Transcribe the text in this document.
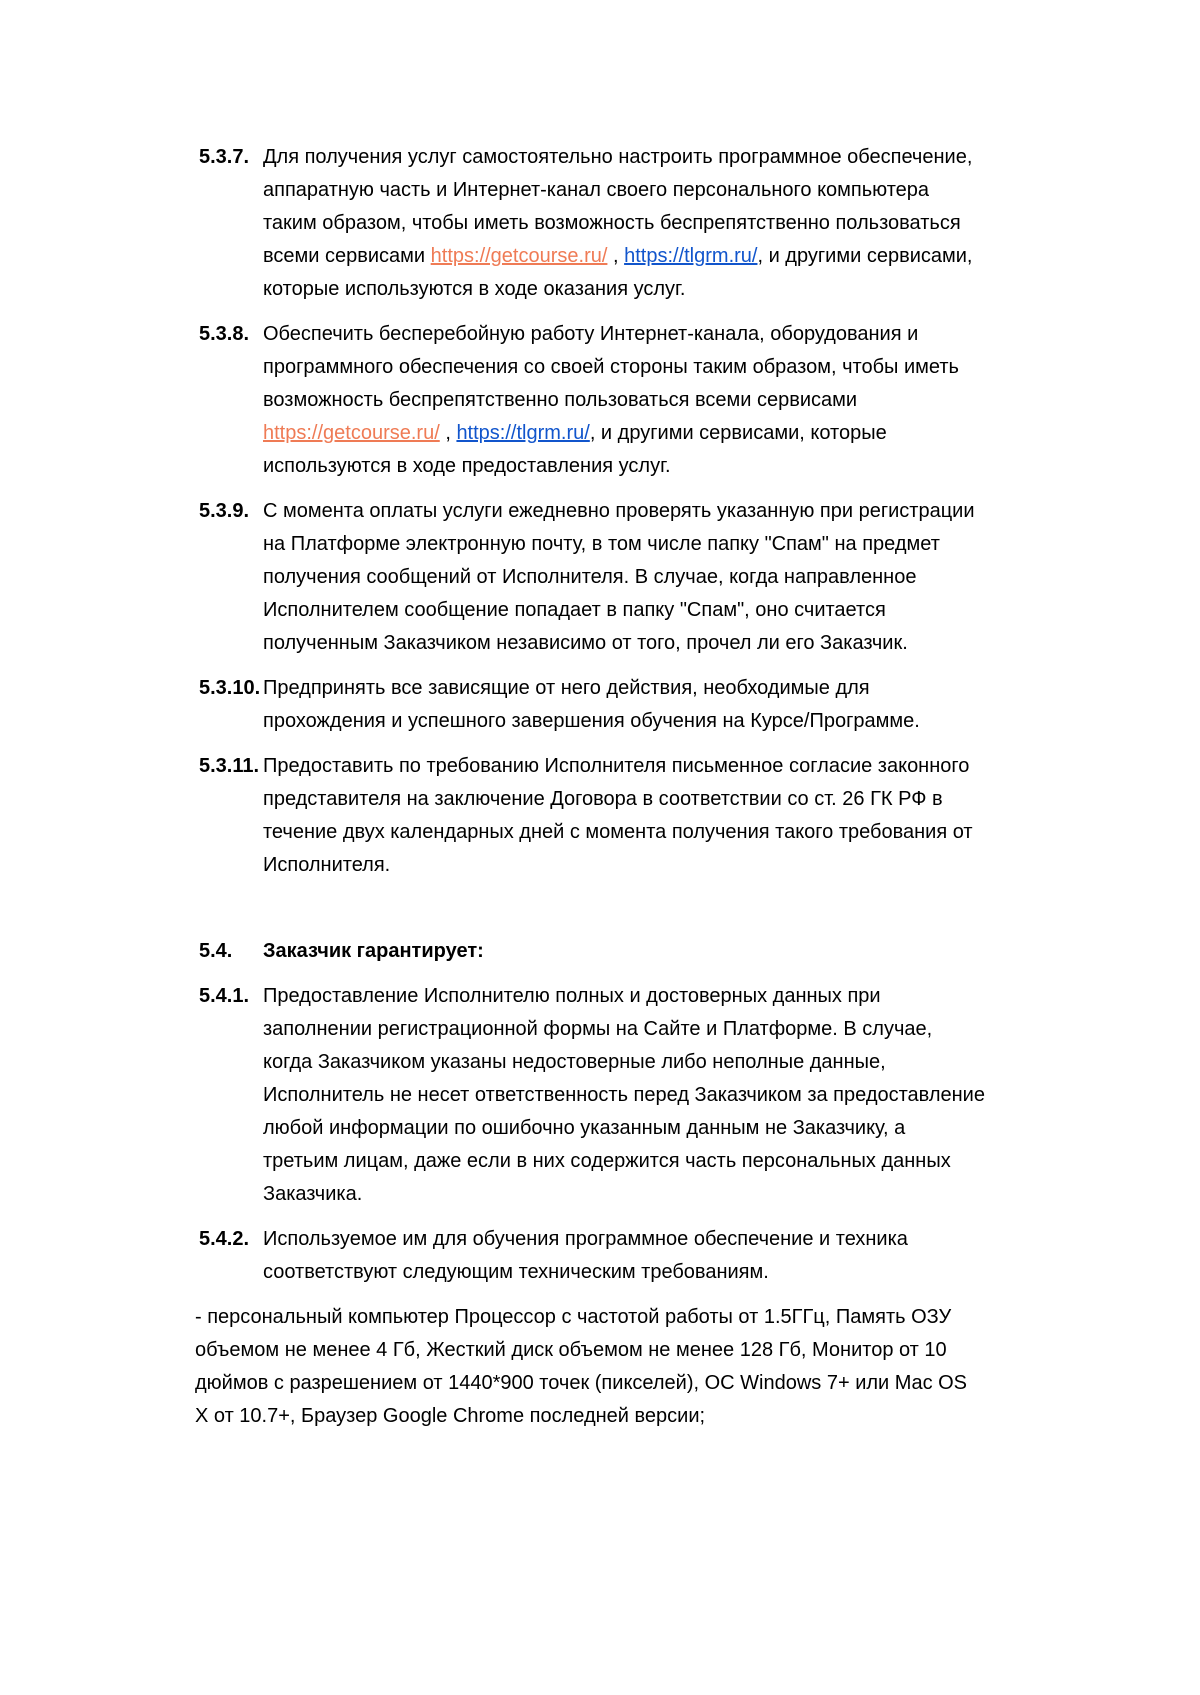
5.3.7. Для получения услуг самостоятельно настроить программное обеспечение, аппаратную часть и Интернет-канал своего персонального компьютера таким образом, чтобы иметь возможность беспрепятственно пользоваться всеми сервисами https://getcourse.ru/ , https://tlgrm.ru/, и другими сервисами, которые используются в ходе оказания услуг.

5.3.8. Обеспечить бесперебойную работу Интернет-канала, оборудования и программного обеспечения со своей стороны таким образом, чтобы иметь возможность беспрепятственно пользоваться всеми сервисами https://getcourse.ru/ , https://tlgrm.ru/, и другими сервисами, которые используются в ходе предоставления услуг.

5.3.9. С момента оплаты услуги ежедневно проверять указанную при регистрации на Платформе электронную почту, в том числе папку "Спам" на предмет получения сообщений от Исполнителя. В случае, когда направленное Исполнителем сообщение попадает в папку "Спам", оно считается полученным Заказчиком независимо от того, прочел ли его Заказчик.

5.3.10. Предпринять все зависящие от него действия, необходимые для прохождения и успешного завершения обучения на Курсе/Программе.

5.3.11. Предоставить по требованию Исполнителя письменное согласие законного представителя на заключение Договора в соответствии со ст. 26 ГК РФ в течение двух календарных дней с момента получения такого требования от Исполнителя.

5.4. Заказчик гарантирует:

5.4.1. Предоставление Исполнителю полных и достоверных данных при заполнении регистрационной формы на Сайте и Платформе. В случае, когда Заказчиком указаны недостоверные либо неполные данные, Исполнитель не несет ответственность перед Заказчиком за предоставление любой информации по ошибочно указанным данным не Заказчику, а третьим лицам, даже если в них содержится часть персональных данных Заказчика.

5.4.2. Используемое им для обучения программное обеспечение и техника соответствуют следующим техническим требованиям.

- персональный компьютер Процессор с частотой работы от 1.5ГГц, Память ОЗУ объемом не менее 4 Гб, Жесткий диск объемом не менее 128 Гб, Монитор от 10 дюймов с разрешением от 1440*900 точек (пикселей), ОС Windows 7+ или Mac OS X от 10.7+, Браузер Google Chrome последней версии;
